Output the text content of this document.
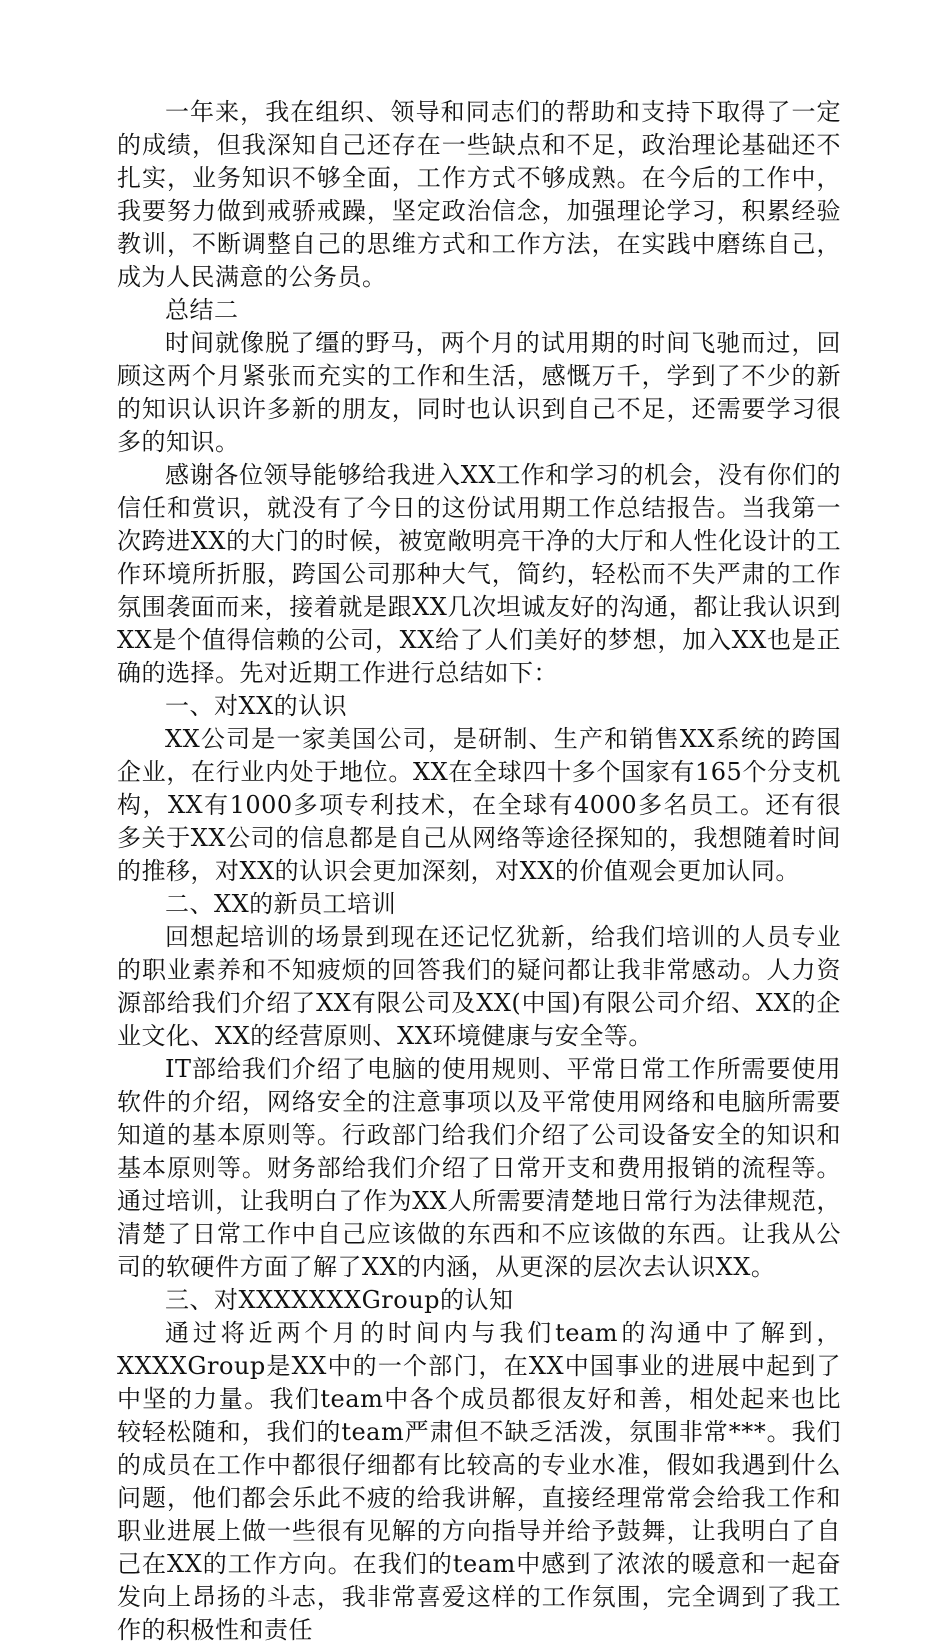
一年来，我在组织、领导和同志们的帮助和支持下取得了一定的成绩，但我深知自己还存在一些缺点和不足，政治理论基础还不扎实，业务知识不够全面，工作方式不够成熟。在今后的工作中，我要努力做到戒骄戒躁，坚定政治信念，加强理论学习，积累经验教训，不断调整自己的思维方式和工作方法，在实践中磨练自己，成为人民满意的公务员。

总结二

时间就像脱了缰的野马，两个月的试用期的时间飞驰而过，回顾这两个月紧张而充实的工作和生活，感慨万千，学到了不少的新的知识认识许多新的朋友，同时也认识到自己不足，还需要学习很多的知识。

感谢各位领导能够给我进入XX工作和学习的机会，没有你们的信任和赏识，就没有了今日的这份试用期工作总结报告。当我第一次跨进XX的大门的时候，被宽敞明亮干净的大厅和人性化设计的工作环境所折服，跨国公司那种大气，简约，轻松而不失严肃的工作氛围袭面而来，接着就是跟XX几次坦诚友好的沟通，都让我认识到XX是个值得信赖的公司，XX给了人们美好的梦想，加入XX也是正确的选择。先对近期工作进行总结如下：

一、对XX的认识

XX公司是一家美国公司，是研制、生产和销售XX系统的跨国企业，在行业内处于地位。XX在全球四十多个国家有165个分支机构，XX有1000多项专利技术，在全球有4000多名员工。还有很多关于XX公司的信息都是自己从网络等途径探知的，我想随着时间的推移，对XX的认识会更加深刻，对XX的价值观会更加认同。

二、XX的新员工培训

回想起培训的场景到现在还记忆犹新，给我们培训的人员专业的职业素养和不知疲烦的回答我们的疑问都让我非常感动。人力资源部给我们介绍了XX有限公司及XX(中国)有限公司介绍、XX的企业文化、XX的经营原则、XX环境健康与安全等。

IT部给我们介绍了电脑的使用规则、平常日常工作所需要使用软件的介绍，网络安全的注意事项以及平常使用网络和电脑所需要知道的基本原则等。行政部门给我们介绍了公司设备安全的知识和基本原则等。财务部给我们介绍了日常开支和费用报销的流程等。通过培训，让我明白了作为XX人所需要清楚地日常行为法律规范，清楚了日常工作中自己应该做的东西和不应该做的东西。让我从公司的软硬件方面了解了XX的内涵，从更深的层次去认识XX。

三、对XXXXXXXGroup的认知

通过将近两个月的时间内与我们team的沟通中了解到，XXXXGroup是XX中的一个部门，在XX中国事业的进展中起到了中坚的力量。我们team中各个成员都很友好和善，相处起来也比较轻松随和，我们的team严肃但不缺乏活泼，氛围非常***。我们的成员在工作中都很仔细都有比较高的专业水准，假如我遇到什么问题，他们都会乐此不疲的给我讲解，直接经理常常会给我工作和职业进展上做一些很有见解的方向指导并给予鼓舞，让我明白了自己在XX的工作方向。在我们的team中感到了浓浓的暖意和一起奋发向上昂扬的斗志，我非常喜爱这样的工作氛围，完全调到了我工作的积极性和责任
